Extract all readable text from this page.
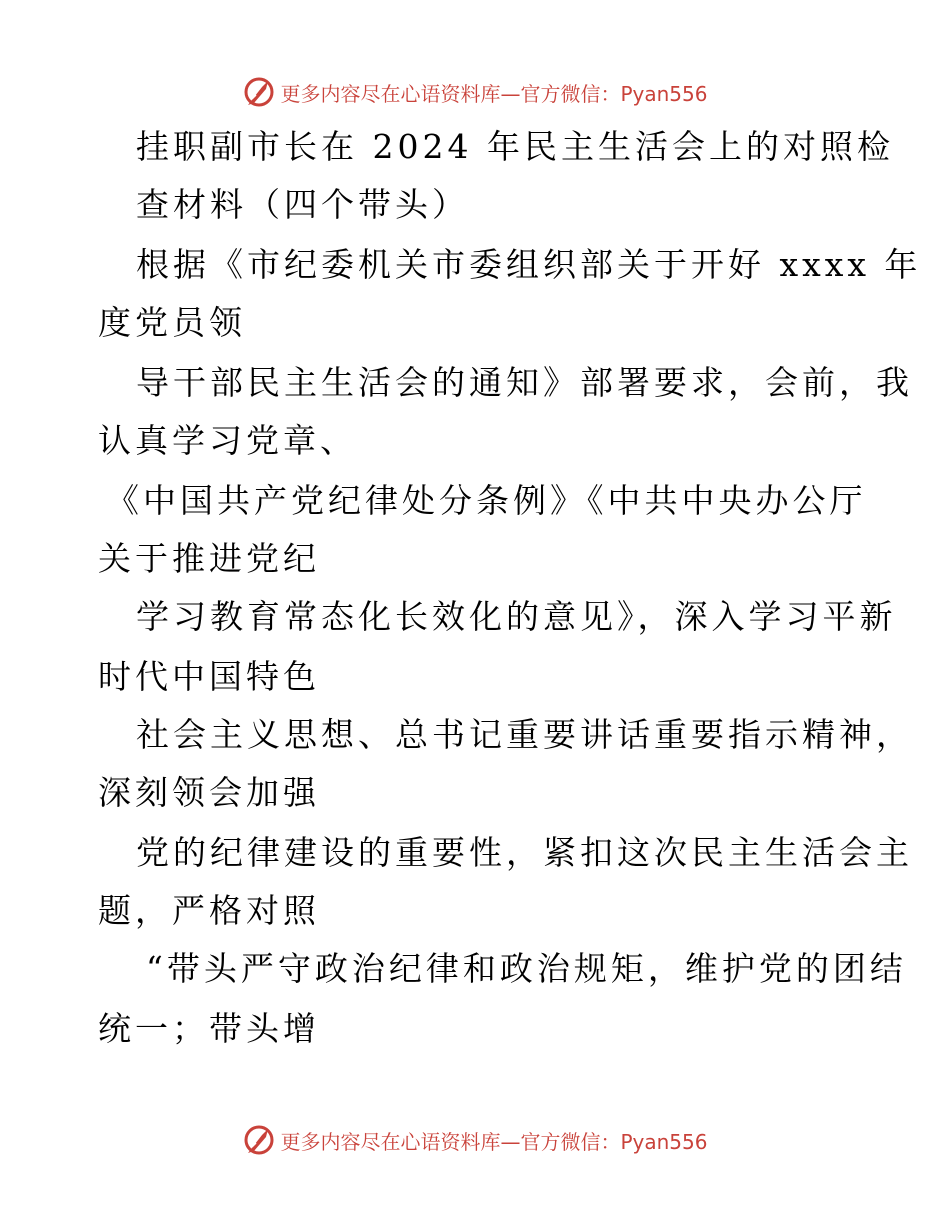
更多内容尽在心语资料库—官方微信：Pyan556
挂职副市长在 2024 年民主生活会上的对照检
查材料（四个带头）
根据《市纪委机关市委组织部关于开好 xxxx 年
度党员领
导干部民主生活会的通知》部署要求，会前，我
认真学习党章、
《中国共产党纪律处分条例》《中共中央办公厅
关于推进党纪
学习教育常态化长效化的意见》，深入学习平新
时代中国特色
社会主义思想、总书记重要讲话重要指示精神，
深刻领会加强
党的纪律建设的重要性，紧扣这次民主生活会主
题，严格对照
“带头严守政治纪律和政治规矩，维护党的团结
统一；带头增
更多内容尽在心语资料库—官方微信：Pyan556
